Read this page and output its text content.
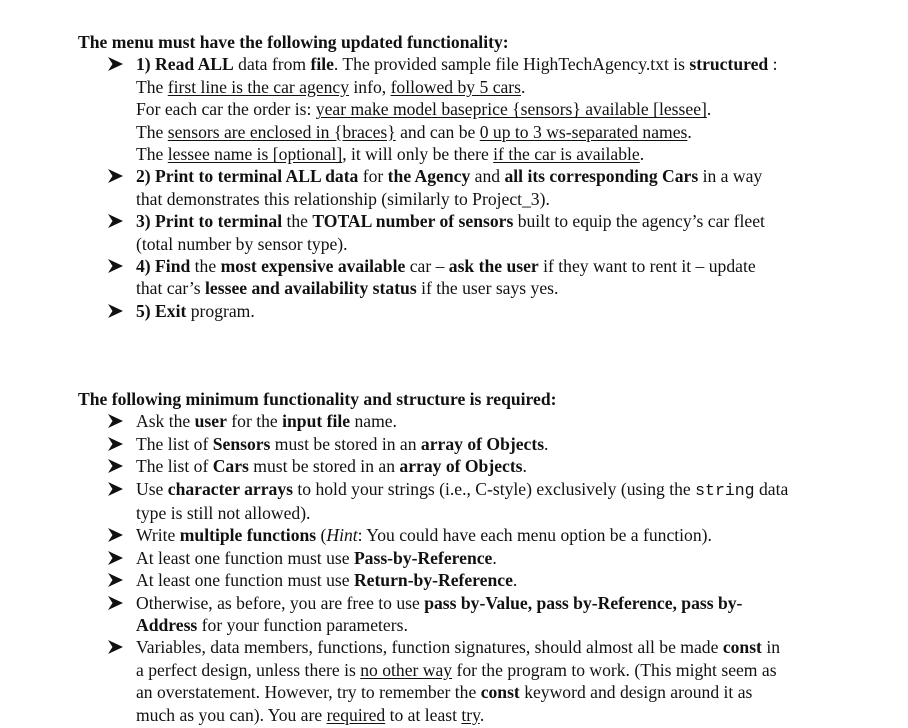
The menu must have the following updated functionality:

1) Read ALL data from file. The provided sample file HighTechAgency.txt is structured :
The first line is the car agency info, followed by 5 cars.
For each car the order is: year make model baseprice {sensors} available [lessee].
The sensors are enclosed in {braces} and can be 0 up to 3 ws-separated names.
The lessee name is [optional], it will only be there if the car is available.
2) Print to terminal ALL data for the Agency and all its corresponding Cars in a way
that demonstrates this relationship (similarly to Project_3).
3) Print to terminal the TOTAL number of sensors built to equip the agency’s car fleet
(total number by sensor type).
4) Find the most expensive available car – ask the user if they want to rent it – update
that car’s lessee and availability status if the user says yes.
5) Exit program.

The following minimum functionality and structure is required:

Ask the user for the input file name.
The list of Sensors must be stored in an array of Objects.
The list of Cars must be stored in an array of Objects.
Use character arrays to hold your strings (i.e., C-style) exclusively (using the string data
type is still not allowed).
Write multiple functions (Hint: You could have each menu option be a function).
At least one function must use Pass-by-Reference.
At least one function must use Return-by-Reference.
Otherwise, as before, you are free to use pass by-Value, pass by-Reference, pass by-
Address for your function parameters.
Variables, data members, functions, function signatures, should almost all be made const in
a perfect design, unless there is no other way for the program to work. (This might seem as
an overstatement. However, try to remember the const keyword and design around it as
much as you can). You are required to at least try.
